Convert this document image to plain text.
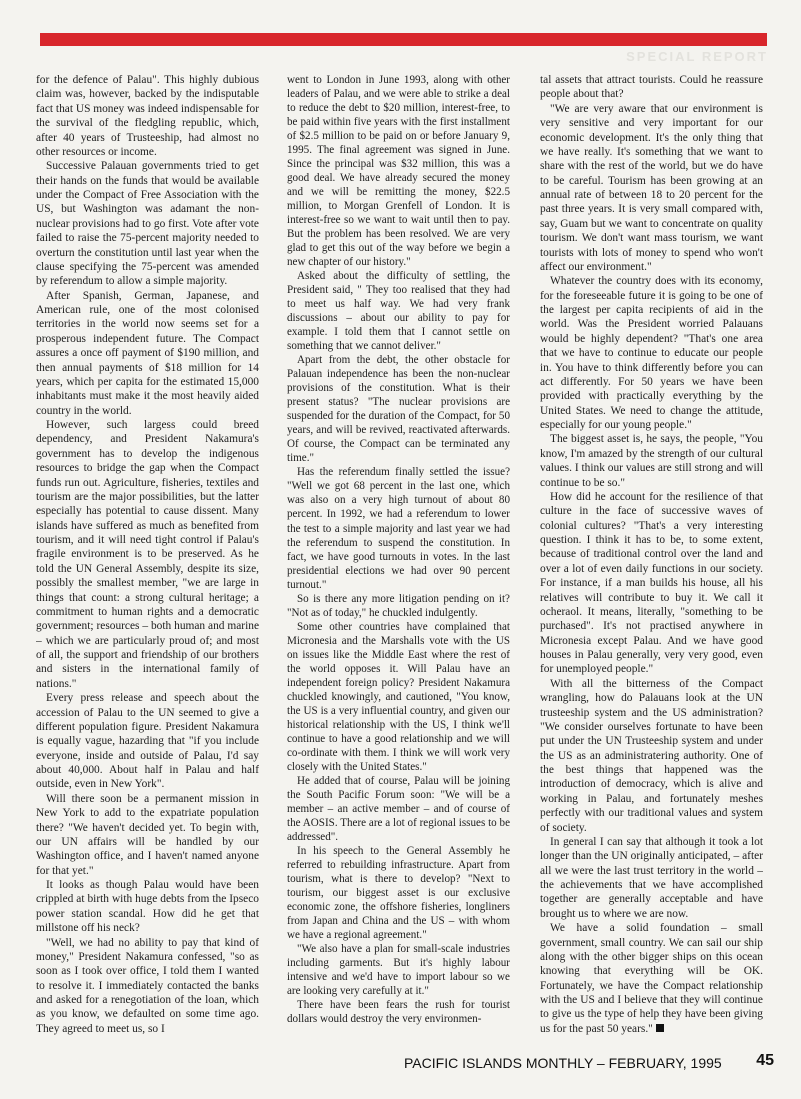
SPECIAL REPORT

for the defence of Palau". This highly dubious claim was, however, backed by the indisputable fact that US money was indeed indispensable for the survival of the fledgling republic, which, after 40 years of Trusteeship, had almost no other resources or income.

Successive Palauan governments tried to get their hands on the funds that would be available under the Compact of Free Association with the US, but Washington was adamant the non-nuclear provisions had to go first. Vote after vote failed to raise the 75-percent majority needed to overturn the constitution until last year when the clause specifying the 75-percent was amended by referendum to allow a simple majority.

After Spanish, German, Japanese, and American rule, one of the most colonised territories in the world now seems set for a prosperous independent future. The Compact assures a once off payment of $190 million, and then annual payments of $18 million for 14 years, which per capita for the estimated 15,000 inhabitants must make it the most heavily aided country in the world.

However, such largess could breed dependency, and President Nakamura's government has to develop the indigenous resources to bridge the gap when the Compact funds run out. Agriculture, fisheries, textiles and tourism are the major possibilities, but the latter especially has potential to cause dissent. Many islands have suffered as much as benefited from tourism, and it will need tight control if Palau's fragile environment is to be preserved. As he told the UN General Assembly, despite its size, possibly the smallest member, "we are large in things that count: a strong cultural heritage; a commitment to human rights and a democratic government; resources – both human and marine – which we are particularly proud of; and most of all, the support and friendship of our brothers and sisters in the international family of nations."

Every press release and speech about the accession of Palau to the UN seemed to give a different population figure. President Nakamura is equally vague, hazarding that "if you include everyone, inside and outside of Palau, I'd say about 40,000. About half in Palau and half outside, even in New York".

Will there soon be a permanent mission in New York to add to the expatriate population there? "We haven't decided yet. To begin with, our UN affairs will be handled by our Washington office, and I haven't named anyone for that yet."

It looks as though Palau would have been crippled at birth with huge debts from the Ipseco power station scandal. How did he get that millstone off his neck?

"Well, we had no ability to pay that kind of money," President Nakamura confessed, "so as soon as I took over office, I told them I wanted to resolve it. I immediately contacted the banks and asked for a renegotiation of the loan, which as you know, we defaulted on some time ago. They agreed to meet us, so I

went to London in June 1993, along with other leaders of Palau, and we were able to strike a deal to reduce the debt to $20 million, interest-free, to be paid within five years with the first installment of $2.5 million to be paid on or before January 9, 1995. The final agreement was signed in June. Since the principal was $32 million, this was a good deal. We have already secured the money and we will be remitting the money, $22.5 million, to Morgan Grenfell of London. It is interest-free so we want to wait until then to pay. But the problem has been resolved. We are very glad to get this out of the way before we begin a new chapter of our history."

Asked about the difficulty of settling, the President said, " They too realised that they had to meet us half way. We had very frank discussions – about our ability to pay for example. I told them that I cannot settle on something that we cannot deliver."

Apart from the debt, the other obstacle for Palauan independence has been the non-nuclear provisions of the constitution. What is their present status? "The nuclear provisions are suspended for the duration of the Compact, for 50 years, and will be revived, reactivated afterwards. Of course, the Compact can be terminated any time."

Has the referendum finally settled the issue? "Well we got 68 percent in the last one, which was also on a very high turnout of about 80 percent. In 1992, we had a referendum to lower the test to a simple majority and last year we had the referendum to suspend the constitution. In fact, we have good turnouts in votes. In the last presidential elections we had over 90 percent turnout."

So is there any more litigation pending on it? "Not as of today," he chuckled indulgently.

Some other countries have complained that Micronesia and the Marshalls vote with the US on issues like the Middle East where the rest of the world opposes it. Will Palau have an independent foreign policy? President Nakamura chuckled knowingly, and cautioned, "You know, the US is a very influential country, and given our historical relationship with the US, I think we'll continue to have a good relationship and we will co-ordinate with them. I think we will work very closely with the United States."

He added that of course, Palau will be joining the South Pacific Forum soon: "We will be a member – an active member – and of course of the AOSIS. There are a lot of regional issues to be addressed".

In his speech to the General Assembly he referred to rebuilding infrastructure. Apart from tourism, what is there to develop? "Next to tourism, our biggest asset is our exclusive economic zone, the offshore fisheries, longliners from Japan and China and the US – with whom we have a regional agreement."

"We also have a plan for small-scale industries including garments. But it's highly labour intensive and we'd have to import labour so we are looking very carefully at it."

There have been fears the rush for tourist dollars would destroy the very environmen-

tal assets that attract tourists. Could he reassure people about that?

"We are very aware that our environment is very sensitive and very important for our economic development. It's the only thing that we have really. It's something that we want to share with the rest of the world, but we do have to be careful. Tourism has been growing at an annual rate of between 18 to 20 percent for the past three years. It is very small compared with, say, Guam but we want to concentrate on quality tourism. We don't want mass tourism, we want tourists with lots of money to spend who won't affect our environment."

Whatever the country does with its economy, for the foreseeable future it is going to be one of the largest per capita recipients of aid in the world. Was the President worried Palauans would be highly dependent? "That's one area that we have to continue to educate our people in. You have to think differently before you can act differently. For 50 years we have been provided with practically everything by the United States. We need to change the attitude, especially for our young people."

The biggest asset is, he says, the people, "You know, I'm amazed by the strength of our cultural values. I think our values are still strong and will continue to be so."

How did he account for the resilience of that culture in the face of successive waves of colonial cultures? "That's a very interesting question. I think it has to be, to some extent, because of traditional control over the land and over a lot of even daily functions in our society. For instance, if a man builds his house, all his relatives will contribute to buy it. We call it ocheraol. It means, literally, "something to be purchased". It's not practised anywhere in Micronesia except Palau. And we have good houses in Palau generally, very very good, even for unemployed people."

With all the bitterness of the Compact wrangling, how do Palauans look at the UN trusteeship system and the US administration? "We consider ourselves fortunate to have been put under the UN Trusteeship system and under the US as an administratering authority. One of the best things that happened was the introduction of democracy, which is alive and working in Palau, and fortunately meshes perfectly with our traditional values and system of society.

In general I can say that although it took a lot longer than the UN originally anticipated, – after all we were the last trust territory in the world – the achievements that we have accomplished together are generally acceptable and have brought us to where we are now.

We have a solid foundation – small government, small country. We can sail our ship along with the other bigger ships on this ocean knowing that everything will be OK. Fortunately, we have the Compact relationship with the US and I believe that they will continue to give us the type of help they have been giving us for the past 50 years."

PACIFIC ISLANDS MONTHLY – FEBRUARY, 1995	45
